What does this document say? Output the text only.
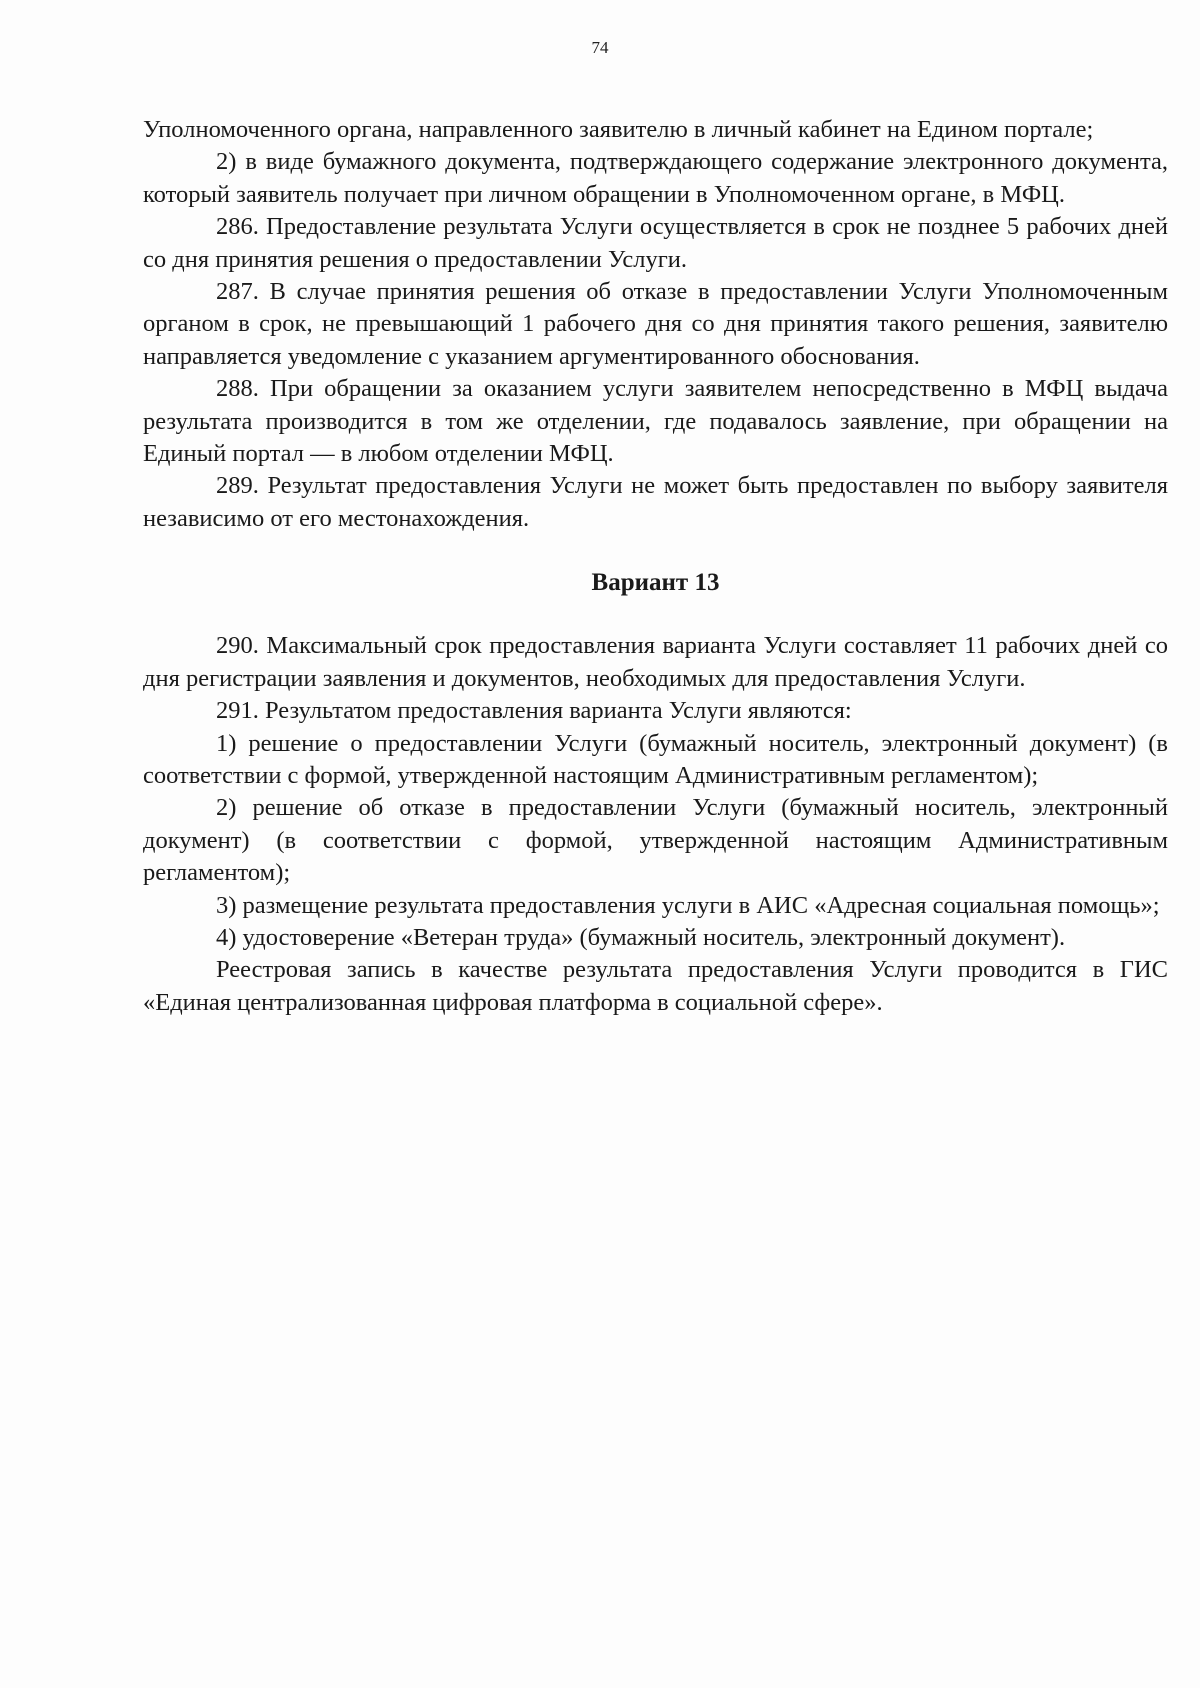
74

Уполномоченного органа, направленного заявителю в личный кабинет на Едином портале;

2) в виде бумажного документа, подтверждающего содержание электронного документа, который заявитель получает при личном обращении в Уполномоченном органе, в МФЦ.

286. Предоставление результата Услуги осуществляется в срок не позднее 5 рабочих дней со дня принятия решения о предоставлении Услуги.

287. В случае принятия решения об отказе в предоставлении Услуги Уполномоченным органом в срок, не превышающий 1 рабочего дня со дня принятия такого решения, заявителю направляется уведомление с указанием аргументированного обоснования.

288. При обращении за оказанием услуги заявителем непосредственно в МФЦ выдача результата производится в том же отделении, где подавалось заявление, при обращении на Единый портал — в любом отделении МФЦ.

289. Результат предоставления Услуги не может быть предоставлен по выбору заявителя независимо от его местонахождения.

Вариант 13

290. Максимальный срок предоставления варианта Услуги составляет 11 рабочих дней со дня регистрации заявления и документов, необходимых для предоставления Услуги.

291. Результатом предоставления варианта Услуги являются:

1) решение о предоставлении Услуги (бумажный носитель, электронный документ) (в соответствии с формой, утвержденной настоящим Административным регламентом);

2) решение об отказе в предоставлении Услуги (бумажный носитель, электронный документ) (в соответствии с формой, утвержденной настоящим Административным регламентом);

3) размещение результата предоставления услуги в АИС «Адресная социальная помощь»;

4) удостоверение «Ветеран труда» (бумажный носитель, электронный документ).

Реестровая запись в качестве результата предоставления Услуги проводится в ГИС «Единая централизованная цифровая платформа в социальной сфере».
